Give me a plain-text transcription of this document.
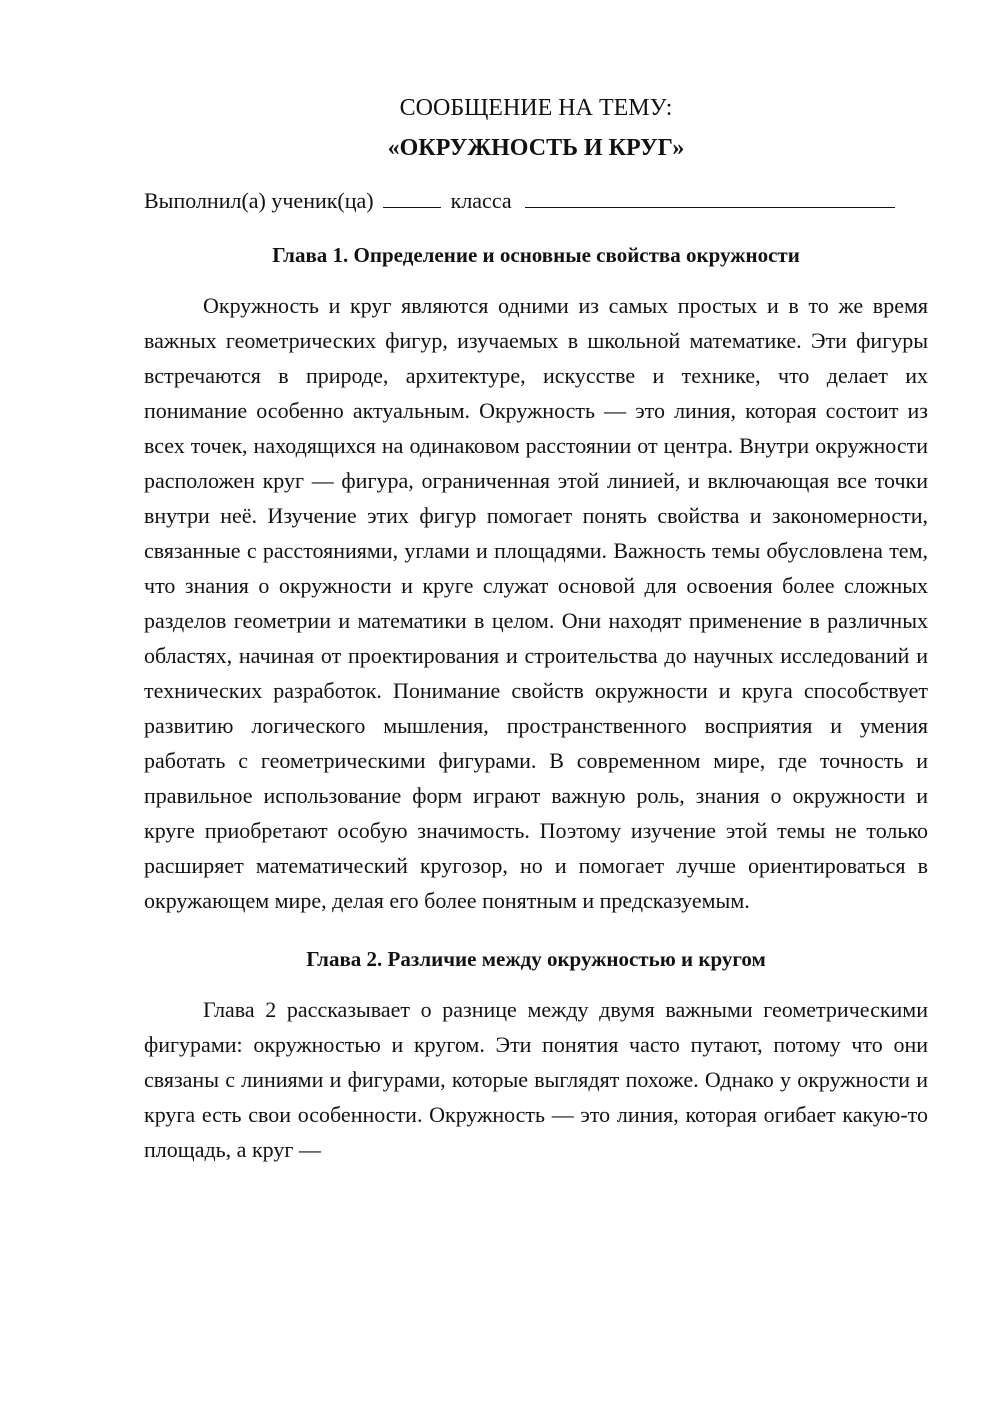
СООБЩЕНИЕ НА ТЕМУ:

«ОКРУЖНОСТЬ И КРУГ»

Выполнил(а) ученик(ца)	класса

Глава 1. Определение и основные свойства окружности

Окружность и круг являются одними из самых простых и в то же время важных геометрических фигур, изучаемых в школьной математике. Эти фигуры встречаются в природе, архитектуре, искусстве и технике, что делает их понимание особенно актуальным. Окружность — это линия, которая состоит из всех точек, находящихся на одинаковом расстоянии от центра. Внутри окружности расположен круг — фигура, ограниченная этой линией, и включающая все точки внутри неё. Изучение этих фигур помогает понять свойства и закономерности, связанные с расстояниями, углами и площадями. Важность темы обусловлена тем, что знания о окружности и круге служат основой для освоения более сложных разделов геометрии и математики в целом. Они находят применение в различных областях, начиная от проектирования и строительства до научных исследований и технических разработок. Понимание свойств окружности и круга способствует развитию логического мышления, пространственного восприятия и умения работать с геометрическими фигурами. В современном мире, где точность и правильное использование форм играют важную роль, знания о окружности и круге приобретают особую значимость. Поэтому изучение этой темы не только расширяет математический кругозор, но и помогает лучше ориентироваться в окружающем мире, делая его более понятным и предсказуемым.

Глава 2. Различие между окружностью и кругом

Глава 2 рассказывает о разнице между двумя важными геометрическими фигурами: окружностью и кругом. Эти понятия часто путают, потому что они связаны с линиями и фигурами, которые выглядят похоже. Однако у окружности и круга есть свои особенности. Окружность — это линия, которая огибает какую-то площадь, а круг —
